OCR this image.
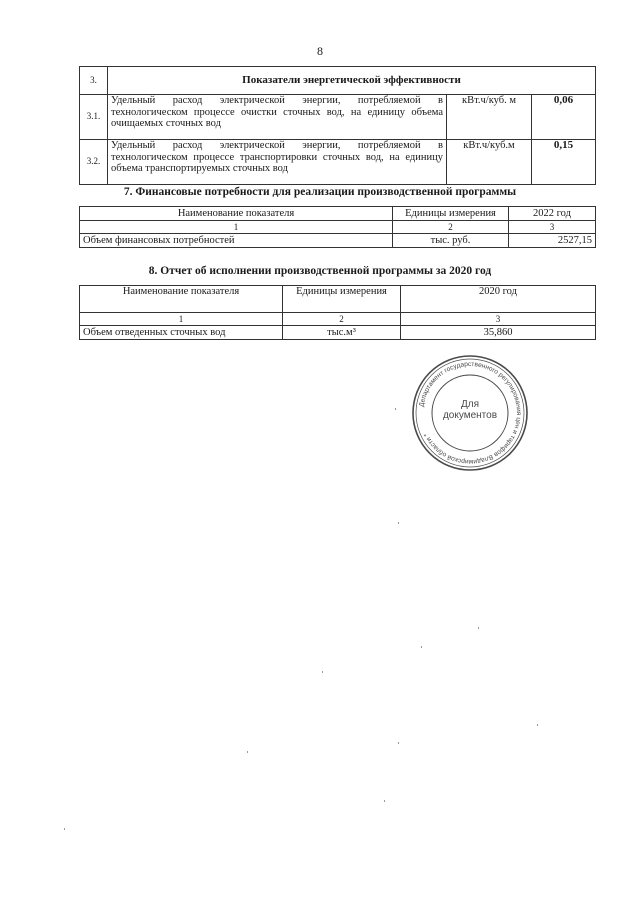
8
3.	Показатели энергетической эффективности		
3.1.	Удельный расход электрической энергии, потребляемой в технологическом процессе очистки сточных вод, на единицу объема очищаемых сточных вод	кВт.ч/куб. м	0,06
3.2.	Удельный расход электрической энергии, потребляемой в технологическом процессе транспортировки сточных вод, на единицу объема транспортируемых сточных вод	кВт.ч/куб.м	0,15
7. Финансовые потребности для реализации производственной программы
Наименование показателя	Единицы измерения	2022 год
1	2	3
Объем финансовых потребностей	тыс. руб.	2527,15
8. Отчет об исполнении производственной программы за 2020 год
Наименование показателя	Единицы измерения	2020 год
1	2	3
Объем отведенных сточных вод	тыс.м³	35,860
Департамент государственного регулирования цен и тарифов Владимирской области *
Для документов
